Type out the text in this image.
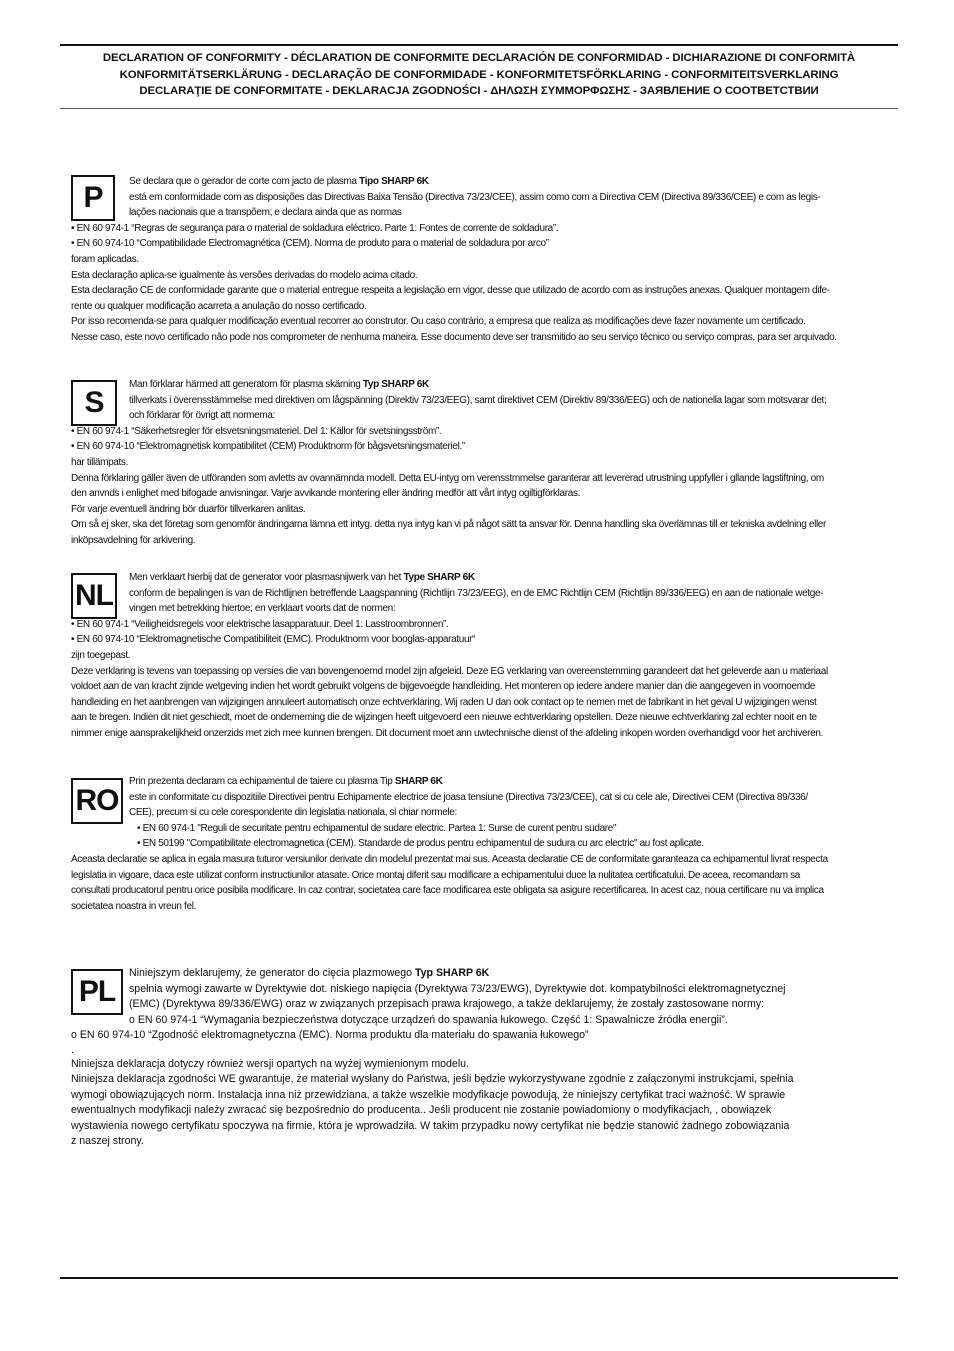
DECLARATION OF CONFORMITY - DÉCLARATION DE CONFORMITE DECLARACIÓN DE CONFORMIDAD - DICHIARAZIONE DI CONFORMITÀ
KONFORMITÄTSERKLÄRUNG - DECLARAÇÃO DE CONFORMIDADE - KONFORMITETSFÖRKLARING - CONFORMITEITSVERKLARING
DECLARAŢIE DE CONFORMITATE - DEKLARACJA ZGODNOŚCI - ΔΗΛΩΣΗ ΣΥΜΜΟΡΦΩΣΗΣ - ЗАЯВЛЕНИЕ О СООТВЕТСТВИИ
P	Se declara que o gerador de corte com jacto de plasma Tipo SHARP 6K

está em conformidade com as disposições das Directivas Baixa Tensão (Directiva 73/23/CEE), assim como com a Directiva CEM (Directiva 89/336/CEE) e com as legis-

lações nacionais que a transpõem; e declara ainda que as normas

• EN 60 974-1 “Regras de segurança para o material de soldadura eléctrico. Parte 1: Fontes de corrente de soldadura”.

• EN 60 974-10 “Compatibilidade Electromagnética (CEM). Norma de produto para o material de soldadura por arco”

foram aplicadas.

Esta declaração aplica-se igualmente às versões derivadas do modelo acima citado.

Esta declaração CE de conformidade garante que o material entregue respeita a legislação em vigor, desse que utilizado de acordo com as instruções anexas. Qualquer montagem dife-

rente ou qualquer modificação acarreta a anulação do nosso certificado.

Por isso recomenda-se para qualquer modificação eventual recorrer ao construtor. Ou caso contrário, a empresa que realiza as modificações deve fazer novamente um certificado.

Nesse caso, este novo certificado não pode nos comprometer de nenhuma maneira. Esse documento deve ser transmitido ao seu serviço técnico ou serviço compras, para ser arquivado.

S

Man förklarar härmed att generatorn för plasma skärning Typ SHARP 6K

tillverkats i överensstämmelse med direktiven om lågspänning (Direktiv 73/23/EEG), samt direktivet CEM (Direktiv 89/336/EEG) och de nationella lagar som motsvarar det;

och förklarar för övrigt att normema:

• EN 60 974-1 “Säkerhetsregler för elsvetsningsmateriel. Del 1: Källor för svetsningsström”.

• EN 60 974-10 “Elektromagnetisk kompatibilitet (CEM) Produktnorm för bågsvetsningsmateriel.”

har tillämpats.

Denna förklaring gäller även de utföranden som avletts av ovannämnda modell. Detta EU-intyg om verensstmmelse garanterar att levererad utrustning uppfyller i gllande lagstiftning, om

den anvnds i enlighet med bifogade anvisningar. Varje avvikande montering eller ändring medför att vårt intyg ogiltigförklaras.

För varje eventuell ändring bör duarför tillverkaren anlitas.

Om så ej sker, ska det företag som genomför ändringarna lämna ett intyg. detta nya intyg kan vi på något sätt ta ansvar för. Denna handling ska överlämnas till er tekniska avdelning eller

inköpsavdelning för arkivering.

NL

Men verklaart hierbij dat de generator voor plasmasnijwerk van het Type SHARP 6K

conform de bepalingen is van de Richtlijnen betreffende Laagspanning (Richtlijn 73/23/EEG), en de EMC Richtlijn CEM (Richtlijn 89/336/EEG) en aan de nationale wetge-

vingen met betrekking hiertoe; en verklaart voorts dat de normen:

• EN 60 974-1 “Veiligheidsregels voor elektrische lasapparatuur. Deel 1: Lasstroombronnen”.

• EN 60 974-10 “Elektromagnetische Compatibiliteit (EMC). Produktnorm voor booglas-apparatuur“

zijn toegepast.

Deze verklaring is tevens van toepassing op versies die van bovengenoemd model zijn afgeleid. Deze EG verklaring van overeenstemming garandeert dat het geleverde aan u materiaal

voldoet aan de van kracht zijnde wetgeving indien het wordt gebruikt volgens de bijgevoegde handleiding. Het monteren op iedere andere manier dan die aangegeven in voornoemde

handleiding en het aanbrengen van wijzigingen annuleert automatisch onze echtverklaring. Wij raden U dan ook contact op te nemen met de fabrikant in het geval U wijzigingen wenst

aan te bregen. Indien dit niet geschiedt, moet de onderneming die de wijzingen heeft uitgevoerd een nieuwe echtverklaring opstellen. Deze nieuwe echtverklaring zal echter nooit en te

nimmer enige aansprakelijkheid onzerzids met zich mee kunnen brengen. Dit document moet ann uwtechnische dienst of the afdeling inkopen worden overhandigd voor het archiveren.

RO

Prin prezenta declaram ca echipamentul de taiere cu plasma Tip SHARP 6K

este in conformitate cu dispozitiile Directivei pentru Echipamente electrice de joasa tensiune (Directiva 73/23/CEE), cat si cu cele ale, Directivei CEM (Directiva 89/336/

CEE), precum si cu cele corespondente din legislatia nationala, si chiar normele:

• EN 60 974-1 "Reguli de securitate pentru echipamentul de sudare electric. Partea 1: Surse de curent pentru sudare"

• EN 50199 "Compatibilitate electromagnetica (CEM). Standarde de produs pentru echipamentul de sudura cu arc electric" au fost aplicate.

Aceasta declaratie se aplica in egala masura tuturor versiunilor derivate din modelul prezentat mai sus. Aceasta declaratie CE de conformitate garanteaza ca echipamentul livrat respecta

legislatia in vigoare, daca este utilizat conform instructiunilor atasate. Orice montaj diferit sau modificare a echipamentului duce la nulitatea certificatului. De aceea, recomandam sa

consultati producatorul pentru orice posibila modificare. In caz contrar, societatea care face modificarea este obligata sa asigure recertificarea. In acest caz, noua certificare nu va implica

societatea noastra in vreun fel.

PL

Niniejszym deklarujemy, że generator do cięcia plazmowego Typ SHARP 6K

spełnia wymogi zawarte w Dyrektywie dot. niskiego napięcia (Dyrektywa 73/23/EWG), Dyrektywie dot. kompatybilności elektromagnetycznej

(EMC) (Dyrektywa 89/336/EWG) oraz w związanych przepisach prawa krajowego, a także deklarujemy, że zostały zastosowane normy:

o EN 60 974-1 “Wymagania bezpieczeństwa dotyczące urządzeń do spawania łukowego. Część 1: Spawalnicze źródła energii”.

o EN 60 974-10 “Zgodność elektromagnetyczna (EMC). Norma produktu dla materiału do spawania łukowego”

.

Niniejsza deklaracja dotyczy również wersji opartych na wyżej wymienionym modelu.

Niniejsza deklaracja zgodności WE gwarantuje, że materiał wysłany do Państwa, jeśli będzie wykorzystywane zgodnie z załączonymi instrukcjami, spełnia

wymogi obowiązujących norm. Instalacja inna niż przewidziana, a także wszelkie modyfikacje powodują, że niniejszy certyfikat traci ważność. W sprawie

ewentualnych modyfikacji należy zwracać się bezpośrednio do producenta.. Jeśli producent nie zostanie powiadomiony o modyfikacjach, , obowiązek

wystawienia nowego certyfikatu spoczywa na firmie, która je wprowadziła. W takim przypadku nowy certyfikat nie będzie stanowić żadnego zobowiązania

z naszej strony.
